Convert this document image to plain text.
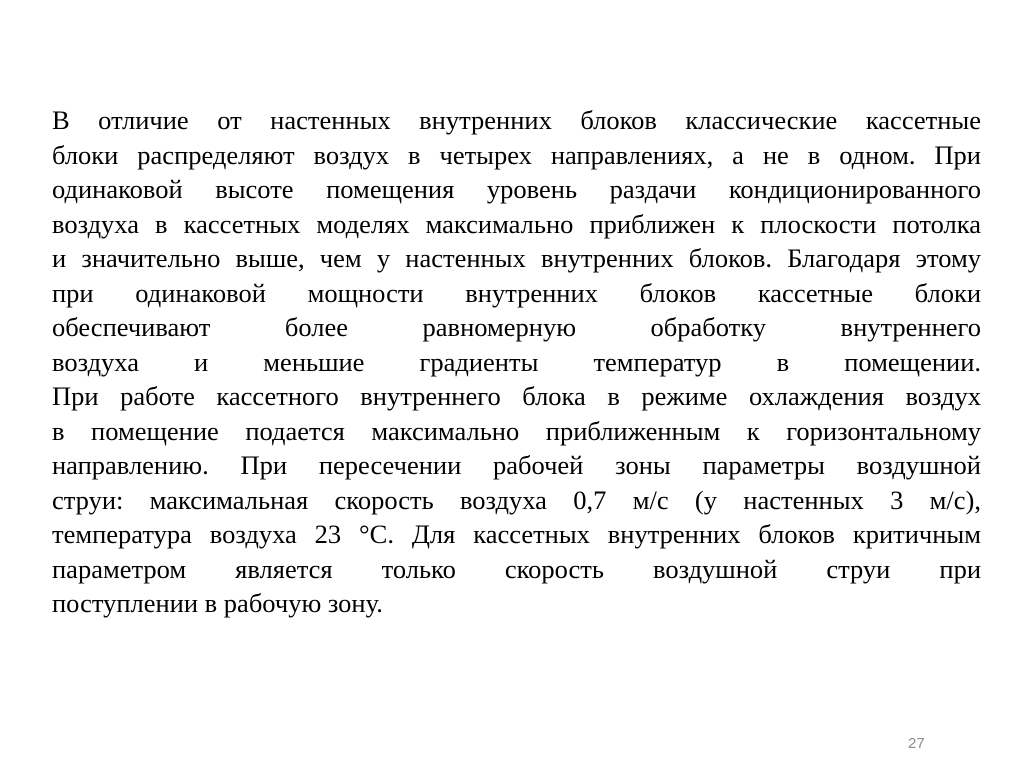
В отличие от настенных внутренних блоков классические кассетные
блоки распределяют воздух в четырех направлениях, а не в одном. При
одинаковой высоте помещения уровень раздачи кондиционированного
воздуха в кассетных моделях максимально приближен к плоскости потолка
и значительно выше, чем у настенных внутренних блоков. Благодаря этому
при одинаковой мощности внутренних блоков кассетные блоки
обеспечивают более равномерную обработку внутреннего
воздуха и меньшие градиенты температур в помещении.
При работе кассетного внутреннего блока в режиме охлаждения воздух
в помещение подается максимально приближенным к горизонтальному
направлению. При пересечении рабочей зоны параметры воздушной
струи: максимальная скорость воздуха 0,7 м/с (у настенных 3 м/с),
температура воздуха 23 °С. Для кассетных внутренних блоков критичным
параметром является только скорость воздушной струи при
поступлении в рабочую зону.
27
